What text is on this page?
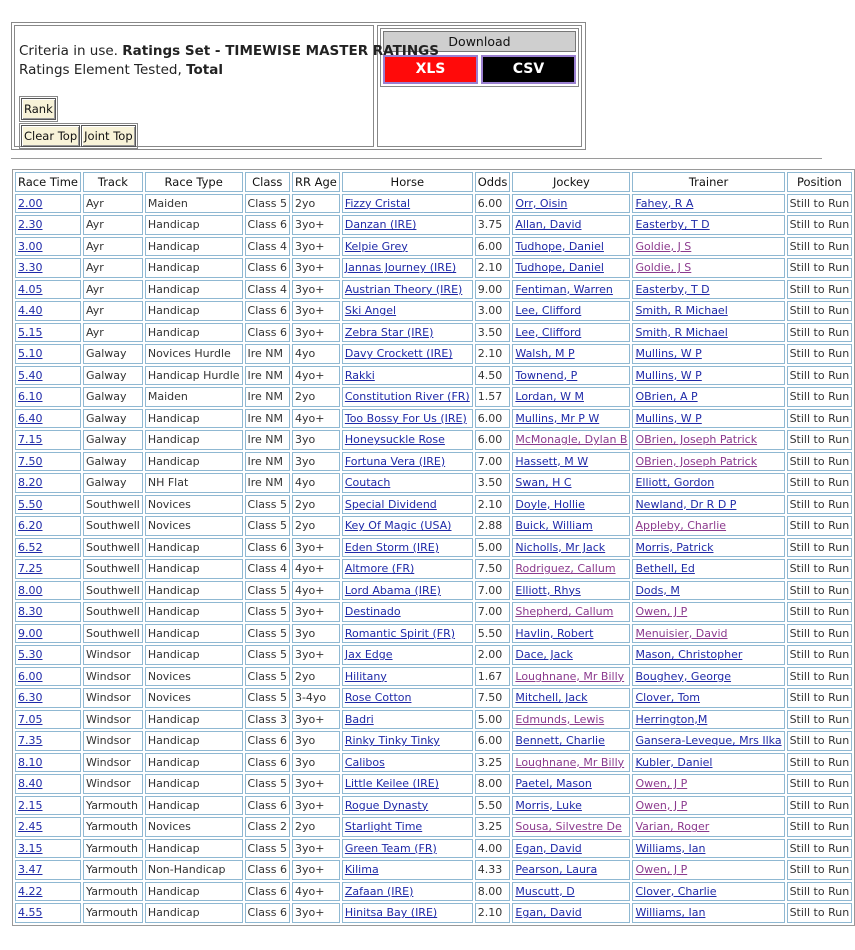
Criteria in use. Ratings Set - TIMEWISE MASTER RATINGS
Ratings Element Tested, Total
Rank
Clear Top Joint Top
Download
XLS	CSV
Race Time	Track	Race Type	Class	RR Age	Horse	Odds	Jockey	Trainer	Position
2.00	Ayr	Maiden	Class 5	2yo	Fizzy Cristal	6.00	Orr, Oisin	Fahey, R A	Still to Run
2.30	Ayr	Handicap	Class 6	3yo+	Danzan (IRE)	3.75	Allan, David	Easterby, T D	Still to Run
3.00	Ayr	Handicap	Class 4	3yo+	Kelpie Grey	6.00	Tudhope, Daniel	Goldie, J S	Still to Run
3.30	Ayr	Handicap	Class 6	3yo+	Jannas Journey (IRE)	2.10	Tudhope, Daniel	Goldie, J S	Still to Run
4.05	Ayr	Handicap	Class 4	3yo+	Austrian Theory (IRE)	9.00	Fentiman, Warren	Easterby, T D	Still to Run
4.40	Ayr	Handicap	Class 6	3yo+	Ski Angel	3.00	Lee, Clifford	Smith, R Michael	Still to Run
5.15	Ayr	Handicap	Class 6	3yo+	Zebra Star (IRE)	3.50	Lee, Clifford	Smith, R Michael	Still to Run
5.10	Galway	Novices Hurdle	Ire NM	4yo	Davy Crockett (IRE)	2.10	Walsh, M P	Mullins, W P	Still to Run
5.40	Galway	Handicap Hurdle	Ire NM	4yo+	Rakki	4.50	Townend, P	Mullins, W P	Still to Run
6.10	Galway	Maiden	Ire NM	2yo	Constitution River (FR)	1.57	Lordan, W M	OBrien, A P	Still to Run
6.40	Galway	Handicap	Ire NM	4yo+	Too Bossy For Us (IRE)	6.00	Mullins, Mr P W	Mullins, W P	Still to Run
7.15	Galway	Handicap	Ire NM	3yo	Honeysuckle Rose	6.00	McMonagle, Dylan B	OBrien, Joseph Patrick	Still to Run
7.50	Galway	Handicap	Ire NM	3yo	Fortuna Vera (IRE)	7.00	Hassett, M W	OBrien, Joseph Patrick	Still to Run
8.20	Galway	NH Flat	Ire NM	4yo	Coutach	3.50	Swan, H C	Elliott, Gordon	Still to Run
5.50	Southwell	Novices	Class 5	2yo	Special Dividend	2.10	Doyle, Hollie	Newland, Dr R D P	Still to Run
6.20	Southwell	Novices	Class 5	2yo	Key Of Magic (USA)	2.88	Buick, William	Appleby, Charlie	Still to Run
6.52	Southwell	Handicap	Class 6	3yo+	Eden Storm (IRE)	5.00	Nicholls, Mr Jack	Morris, Patrick	Still to Run
7.25	Southwell	Handicap	Class 4	4yo+	Altmore (FR)	7.50	Rodriguez, Callum	Bethell, Ed	Still to Run
8.00	Southwell	Handicap	Class 5	4yo+	Lord Abama (IRE)	7.00	Elliott, Rhys	Dods, M	Still to Run
8.30	Southwell	Handicap	Class 5	3yo+	Destinado	7.00	Shepherd, Callum	Owen, J P	Still to Run
9.00	Southwell	Handicap	Class 5	3yo	Romantic Spirit (FR)	5.50	Havlin, Robert	Menuisier, David	Still to Run
5.30	Windsor	Handicap	Class 5	3yo+	Jax Edge	2.00	Dace, Jack	Mason, Christopher	Still to Run
6.00	Windsor	Novices	Class 5	2yo	Hilitany	1.67	Loughnane, Mr Billy	Boughey, George	Still to Run
6.30	Windsor	Novices	Class 5	3-4yo	Rose Cotton	7.50	Mitchell, Jack	Clover, Tom	Still to Run
7.05	Windsor	Handicap	Class 3	3yo+	Badri	5.00	Edmunds, Lewis	Herrington,M	Still to Run
7.35	Windsor	Handicap	Class 6	3yo	Rinky Tinky Tinky	6.00	Bennett, Charlie	Gansera-Leveque, Mrs Ilka	Still to Run
8.10	Windsor	Handicap	Class 6	3yo	Calibos	3.25	Loughnane, Mr Billy	Kubler, Daniel	Still to Run
8.40	Windsor	Handicap	Class 5	3yo+	Little Keilee (IRE)	8.00	Paetel, Mason	Owen, J P	Still to Run
2.15	Yarmouth	Handicap	Class 6	3yo+	Rogue Dynasty	5.50	Morris, Luke	Owen, J P	Still to Run
2.45	Yarmouth	Novices	Class 2	2yo	Starlight Time	3.25	Sousa, Silvestre De	Varian, Roger	Still to Run
3.15	Yarmouth	Handicap	Class 5	3yo+	Green Team (FR)	4.00	Egan, David	Williams, Ian	Still to Run
3.47	Yarmouth	Non-Handicap	Class 6	3yo+	Kilima	4.33	Pearson, Laura	Owen, J P	Still to Run
4.22	Yarmouth	Handicap	Class 6	4yo+	Zafaan (IRE)	8.00	Muscutt, D	Clover, Charlie	Still to Run
4.55	Yarmouth	Handicap	Class 6	3yo+	Hinitsa Bay (IRE)	2.10	Egan, David	Williams, Ian	Still to Run
